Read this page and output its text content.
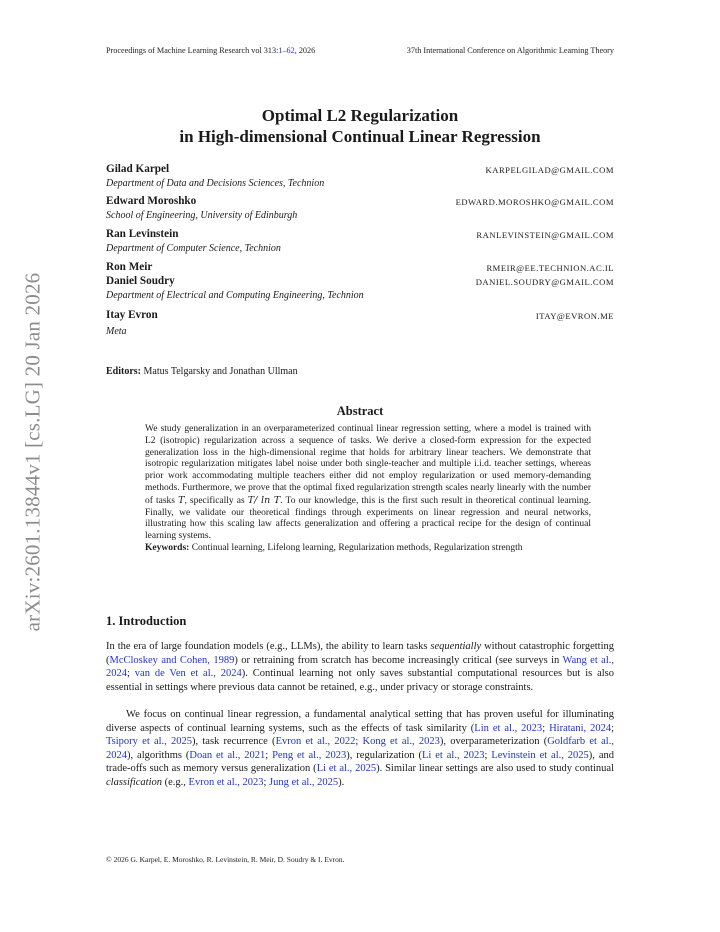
arXiv:2601.13844v1 [cs.LG] 20 Jan 2026
Proceedings of Machine Learning Research vol 313:1–62, 2026	37th International Conference on Algorithmic Learning Theory
Optimal L2 Regularization
in High-dimensional Continual Linear Regression
Gilad Karpel	KARPELGILAD@GMAIL.COM
Department of Data and Decisions Sciences, Technion
Edward Moroshko	EDWARD.MOROSHKO@GMAIL.COM
School of Engineering, University of Edinburgh
Ran Levinstein	RANLEVINSTEIN@GMAIL.COM
Department of Computer Science, Technion
Ron Meir	RMEIR@EE.TECHNION.AC.IL
Daniel Soudry	DANIEL.SOUDRY@GMAIL.COM
Department of Electrical and Computing Engineering, Technion
Itay Evron	ITAY@EVRON.ME
Meta
Editors: Matus Telgarsky and Jonathan Ullman
Abstract

We study generalization in an overparameterized continual linear regression setting, where a model is trained with L2 (isotropic) regularization across a sequence of tasks. We derive a closed-form expression for the expected generalization loss in the high-dimensional regime that holds for arbitrary linear teachers. We demonstrate that isotropic regularization mitigates label noise under both single-teacher and multiple i.i.d. teacher settings, whereas prior work accommodating multiple teachers either did not employ regularization or used memory-demanding methods. Furthermore, we prove that the optimal fixed regularization strength scales nearly linearly with the number of tasks T, specifically as T/ ln T. To our knowledge, this is the first such result in theoretical continual learning. Finally, we validate our theoretical findings through experiments on linear regression and neural networks, illustrating how this scaling law affects generalization and offering a practical recipe for the design of continual learning systems.
Keywords: Continual learning, Lifelong learning, Regularization methods, Regularization strength

1. Introduction

In the era of large foundation models (e.g., LLMs), the ability to learn tasks sequentially without catastrophic forgetting (McCloskey and Cohen, 1989) or retraining from scratch has become increasingly critical (see surveys in Wang et al., 2024; van de Ven et al., 2024). Continual learning not only saves substantial computational resources but is also essential in settings where previous data cannot be retained, e.g., under privacy or storage constraints.

We focus on continual linear regression, a fundamental analytical setting that has proven useful for illuminating diverse aspects of continual learning systems, such as the effects of task similarity (Lin et al., 2023; Hiratani, 2024; Tsipory et al., 2025), task recurrence (Evron et al., 2022; Kong et al., 2023), overparameterization (Goldfarb et al., 2024), algorithms (Doan et al., 2021; Peng et al., 2023), regularization (Li et al., 2023; Levinstein et al., 2025), and trade-offs such as memory versus generalization (Li et al., 2025). Similar linear settings are also used to study continual classification (e.g., Evron et al., 2023; Jung et al., 2025).

© 2026 G. Karpel, E. Moroshko, R. Levinstein, R. Meir, D. Soudry & I. Evron.
